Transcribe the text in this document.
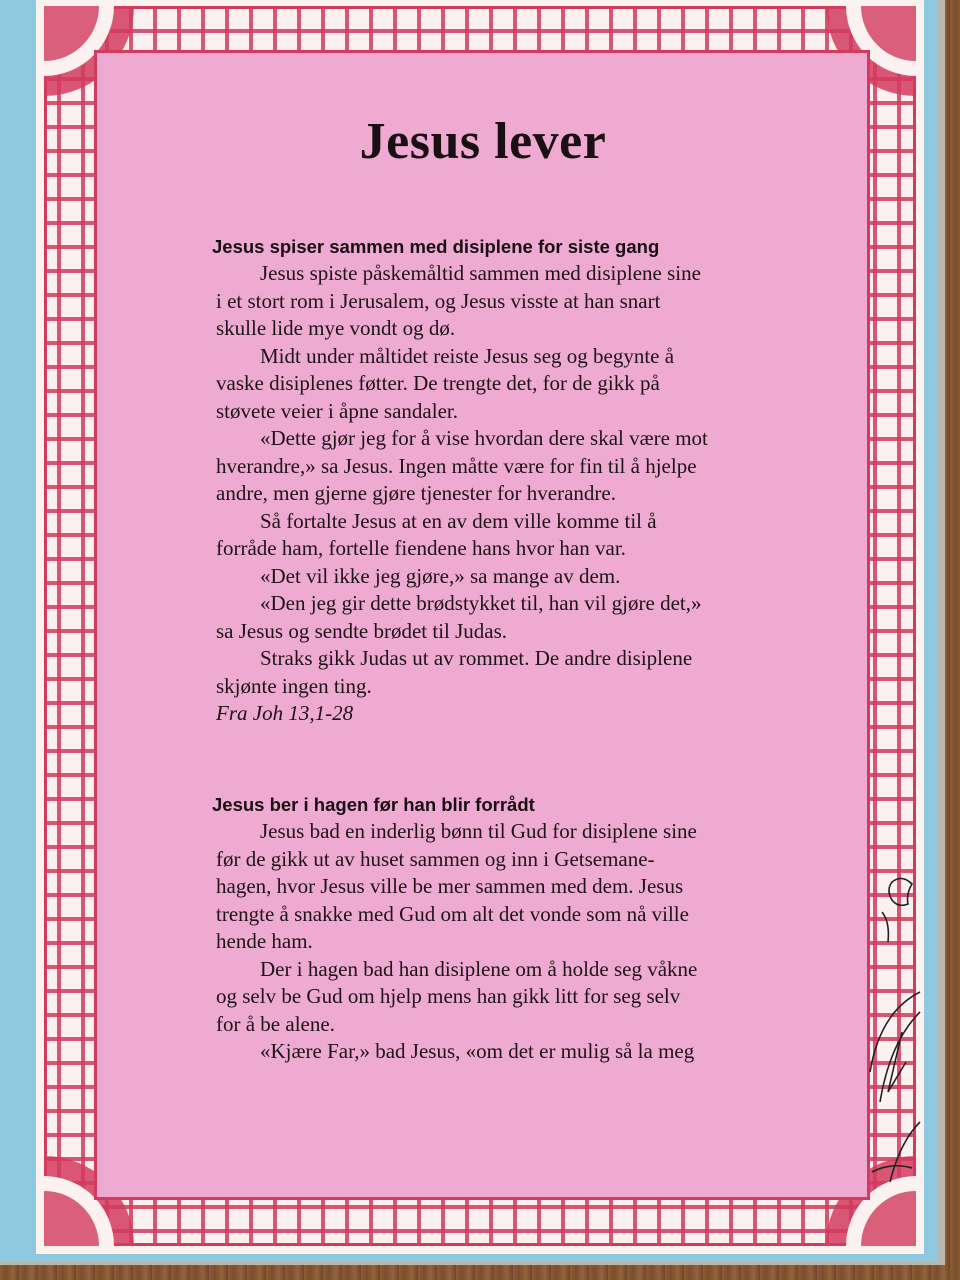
Jesus lever
Jesus spiser sammen med disiplene for siste gang
Jesus spiste påskemåltid sammen med disiplene sine
i et stort rom i Jerusalem, og Jesus visste at han snart
skulle lide mye vondt og dø.
Midt under måltidet reiste Jesus seg og begynte å
vaske disiplenes føtter. De trengte det, for de gikk på
støvete veier i åpne sandaler.
«Dette gjør jeg for å vise hvordan dere skal være mot
hverandre,» sa Jesus. Ingen måtte være for fin til å hjelpe
andre, men gjerne gjøre tjenester for hverandre.
Så fortalte Jesus at en av dem ville komme til å
forråde ham, fortelle fiendene hans hvor han var.
«Det vil ikke jeg gjøre,» sa mange av dem.
«Den jeg gir dette brødstykket til, han vil gjøre det,»
sa Jesus og sendte brødet til Judas.
Straks gikk Judas ut av rommet. De andre disiplene
skjønte ingen ting.
Fra Joh 13,1-28
Jesus ber i hagen før han blir forrådt
Jesus bad en inderlig bønn til Gud for disiplene sine
før de gikk ut av huset sammen og inn i Getsemane-
hagen, hvor Jesus ville be mer sammen med dem. Jesus
trengte å snakke med Gud om alt det vonde som nå ville
hende ham.
Der i hagen bad han disiplene om å holde seg våkne
og selv be Gud om hjelp mens han gikk litt for seg selv
for å be alene.
«Kjære Far,» bad Jesus, «om det er mulig så la meg
